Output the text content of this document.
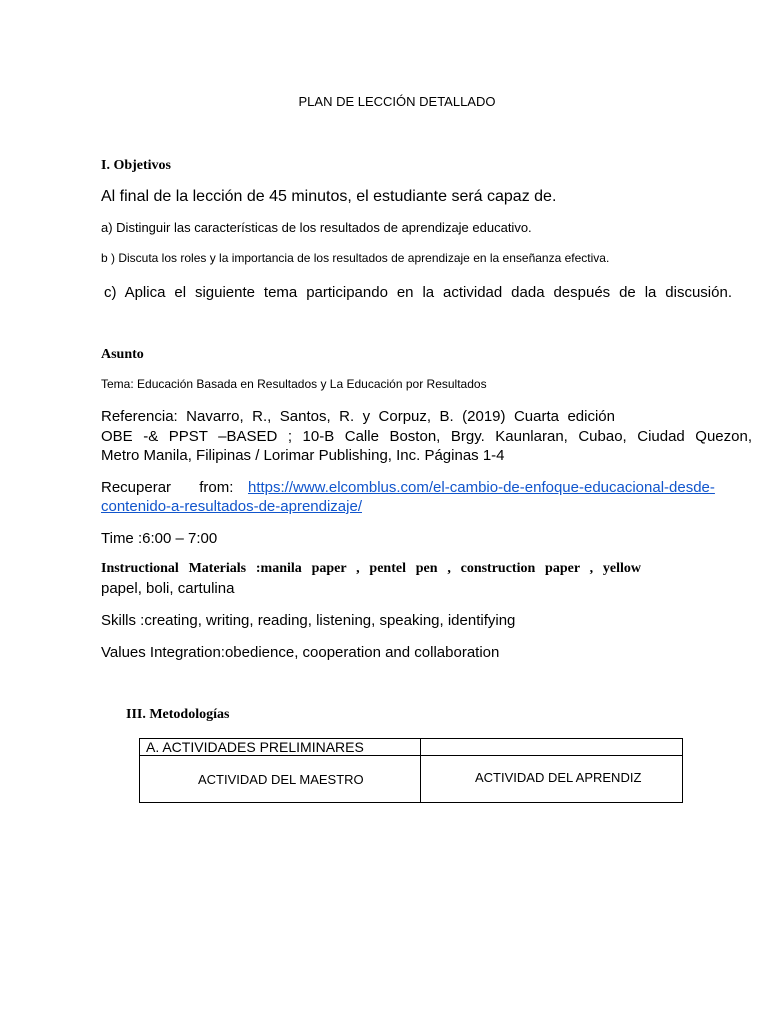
PLAN DE LECCIÓN DETALLADO
I. Objetivos
Al final de la lección de 45 minutos, el estudiante será capaz de.
a) Distinguir las características de los resultados de aprendizaje educativo.
b ) Discuta los roles y la importancia de los resultados de aprendizaje en la enseñanza efectiva.
c) Aplica el siguiente tema participando en la actividad dada después de la discusión.
Asunto
Tema: Educación Basada en Resultados y La Educación por Resultados
Referencia: Navarro, R., Santos, R. y Corpuz, B. (2019) Cuarta edición
OBE -& PPST –BASED ; 10-B Calle Boston, Brgy. Kaunlaran, Cubao, Ciudad Quezon,
Metro Manila, Filipinas / Lorimar Publishing, Inc. Páginas 1-4
Recuperar from: https://www.elcomblus.com/el-cambio-de-enfoque-educacional-desde-
contenido-a-resultados-de-aprendizaje/
Time :6:00 – 7:00
Instructional Materials :manila paper , pentel pen , construction paper , yellow
papel, boli, cartulina
Skills :creating, writing, reading, listening, speaking, identifying
Values Integration:obedience, cooperation and collaboration
III. Metodologías
A. ACTIVIDADES PRELIMINARES	
ACTIVIDAD DEL MAESTRO	ACTIVIDAD DEL APRENDIZ
